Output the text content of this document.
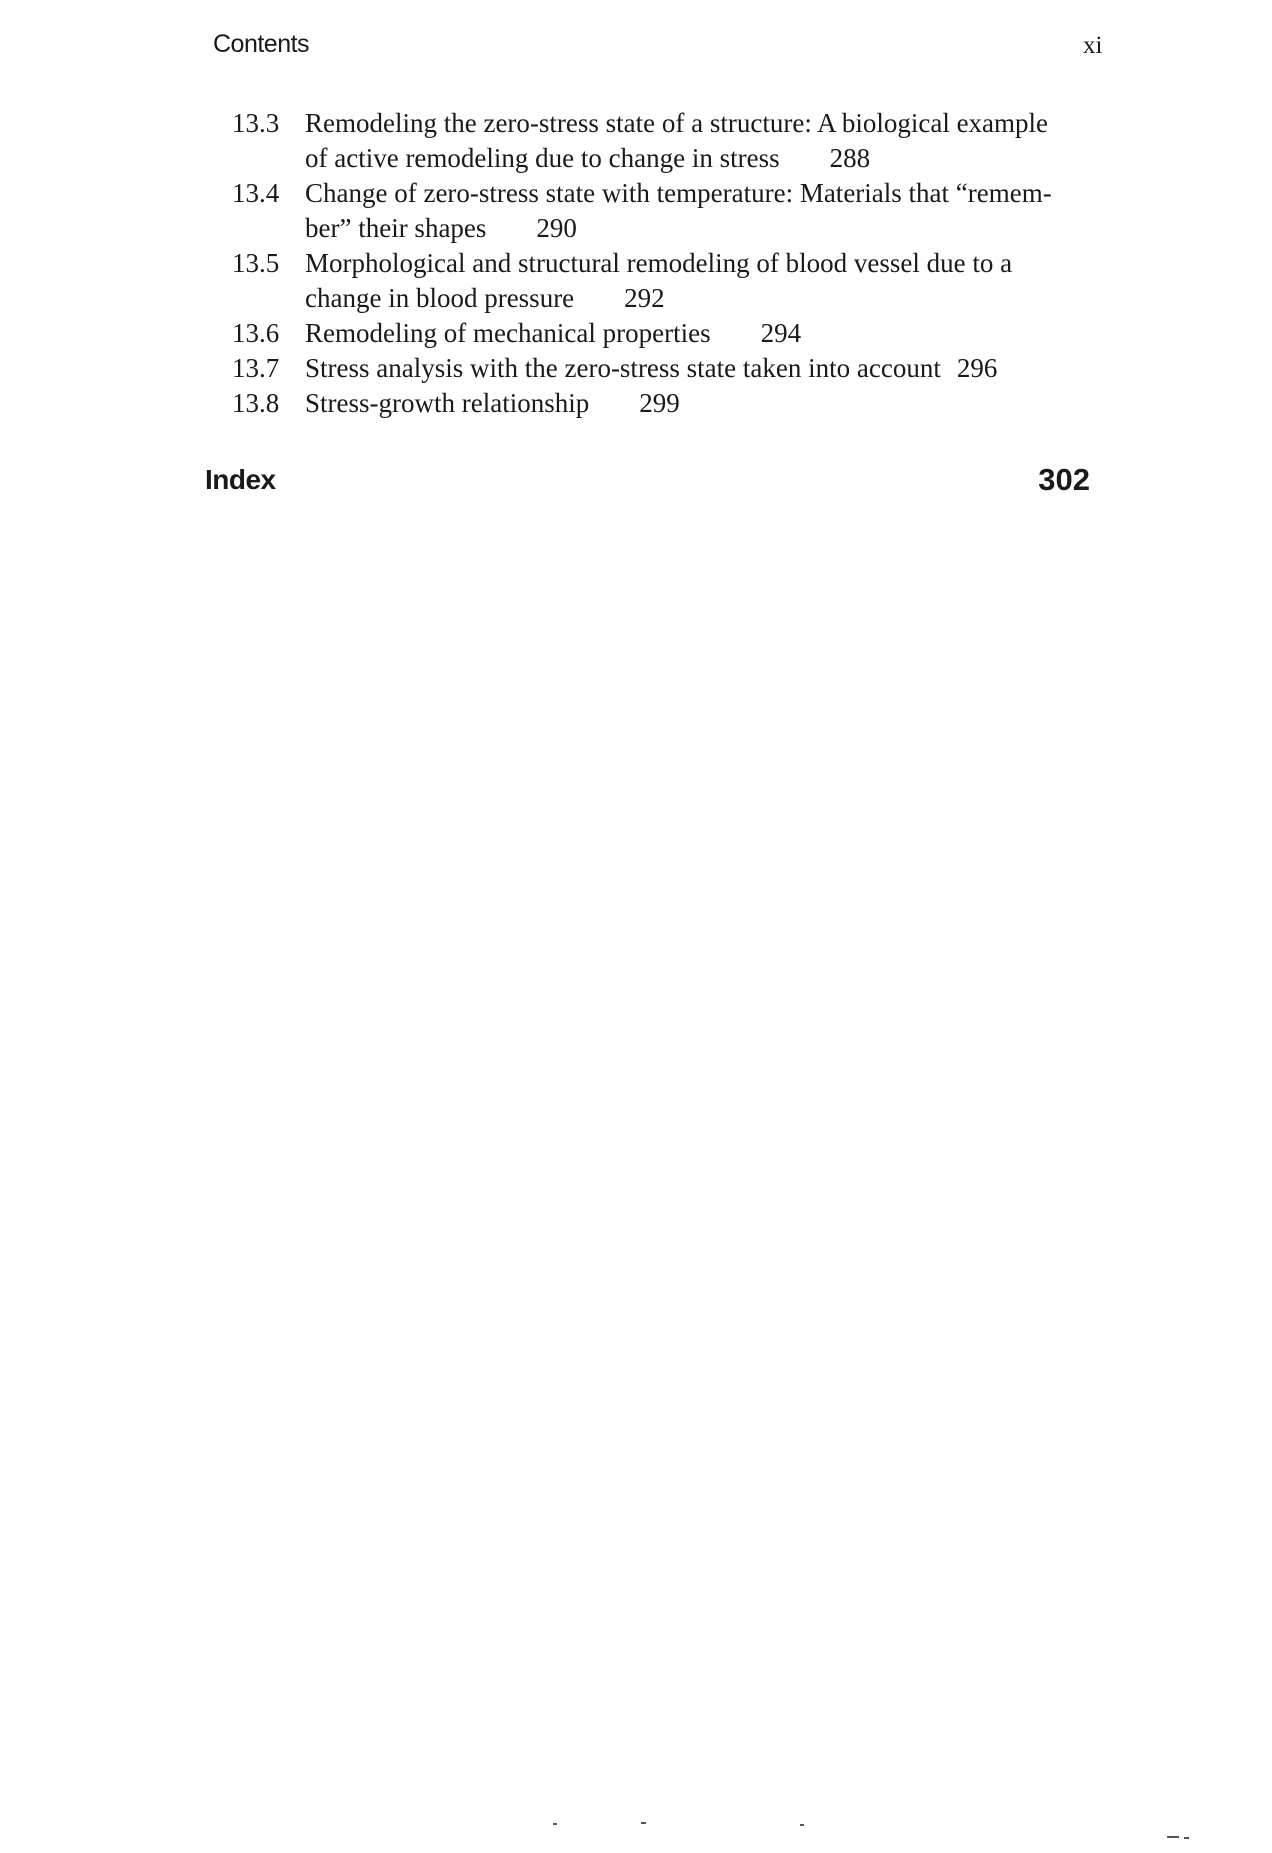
Contents	xi
13.3 Remodeling the zero-stress state of a structure: A biological example of active remodeling due to change in stress 288
13.4 Change of zero-stress state with temperature: Materials that “remem-ber” their shapes 290
13.5 Morphological and structural remodeling of blood vessel due to a change in blood pressure 292
13.6 Remodeling of mechanical properties 294
13.7 Stress analysis with the zero-stress state taken into account 296
13.8 Stress-growth relationship 299
Index	302
